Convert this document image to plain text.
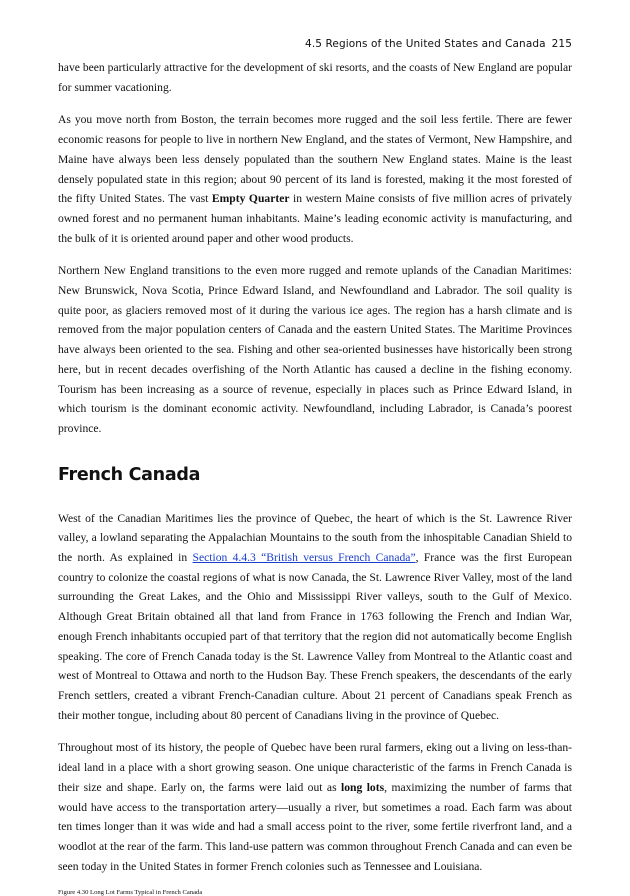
4.5 Regions of the United States and Canada 215

have been particularly attractive for the development of ski resorts, and the coasts of New England are popular for summer vacationing.

As you move north from Boston, the terrain becomes more rugged and the soil less fertile. There are fewer economic reasons for people to live in northern New England, and the states of Vermont, New Hampshire, and Maine have always been less densely populated than the southern New England states. Maine is the least densely populated state in this region; about 90 percent of its land is forested, making it the most forested of the fifty United States. The vast Empty Quarter in western Maine consists of five million acres of privately owned forest and no permanent human inhabitants. Maine’s leading economic activity is manufacturing, and the bulk of it is oriented around paper and other wood products.

Northern New England transitions to the even more rugged and remote uplands of the Canadian Maritimes: New Brunswick, Nova Scotia, Prince Edward Island, and Newfoundland and Labrador. The soil quality is quite poor, as glaciers removed most of it during the various ice ages. The region has a harsh climate and is removed from the major population centers of Canada and the eastern United States. The Maritime Provinces have always been oriented to the sea. Fishing and other sea-oriented businesses have historically been strong here, but in recent decades overfishing of the North Atlantic has caused a decline in the fishing economy. Tourism has been increasing as a source of revenue, especially in places such as Prince Edward Island, in which tourism is the dominant economic activity. Newfoundland, including Labrador, is Canada’s poorest province.

French Canada

West of the Canadian Maritimes lies the province of Quebec, the heart of which is the St. Lawrence River valley, a lowland separating the Appalachian Mountains to the south from the inhospitable Canadian Shield to the north. As explained in Section 4.4.3 “British versus French Canada”, France was the first European country to colonize the coastal regions of what is now Canada, the St. Lawrence River Valley, most of the land surrounding the Great Lakes, and the Ohio and Mississippi River valleys, south to the Gulf of Mexico. Although Great Britain obtained all that land from France in 1763 following the French and Indian War, enough French inhabitants occupied part of that territory that the region did not automatically become English speaking. The core of French Canada today is the St. Lawrence Valley from Montreal to the Atlantic coast and west of Montreal to Ottawa and north to the Hudson Bay. These French speakers, the descendants of the early French settlers, created a vibrant French-Canadian culture. About 21 percent of Canadians speak French as their mother tongue, including about 80 percent of Canadians living in the province of Quebec.

Throughout most of its history, the people of Quebec have been rural farmers, eking out a living on less-than-ideal land in a place with a short growing season. One unique characteristic of the farms in French Canada is their size and shape. Early on, the farms were laid out as long lots, maximizing the number of farms that would have access to the transportation artery—usually a river, but sometimes a road. Each farm was about ten times longer than it was wide and had a small access point to the river, some fertile riverfront land, and a woodlot at the rear of the farm. This land-use pattern was common throughout French Canada and can even be seen today in the United States in former French colonies such as Tennessee and Louisiana.

Figure 4.30 Long Lot Farms Typical in French Canada
